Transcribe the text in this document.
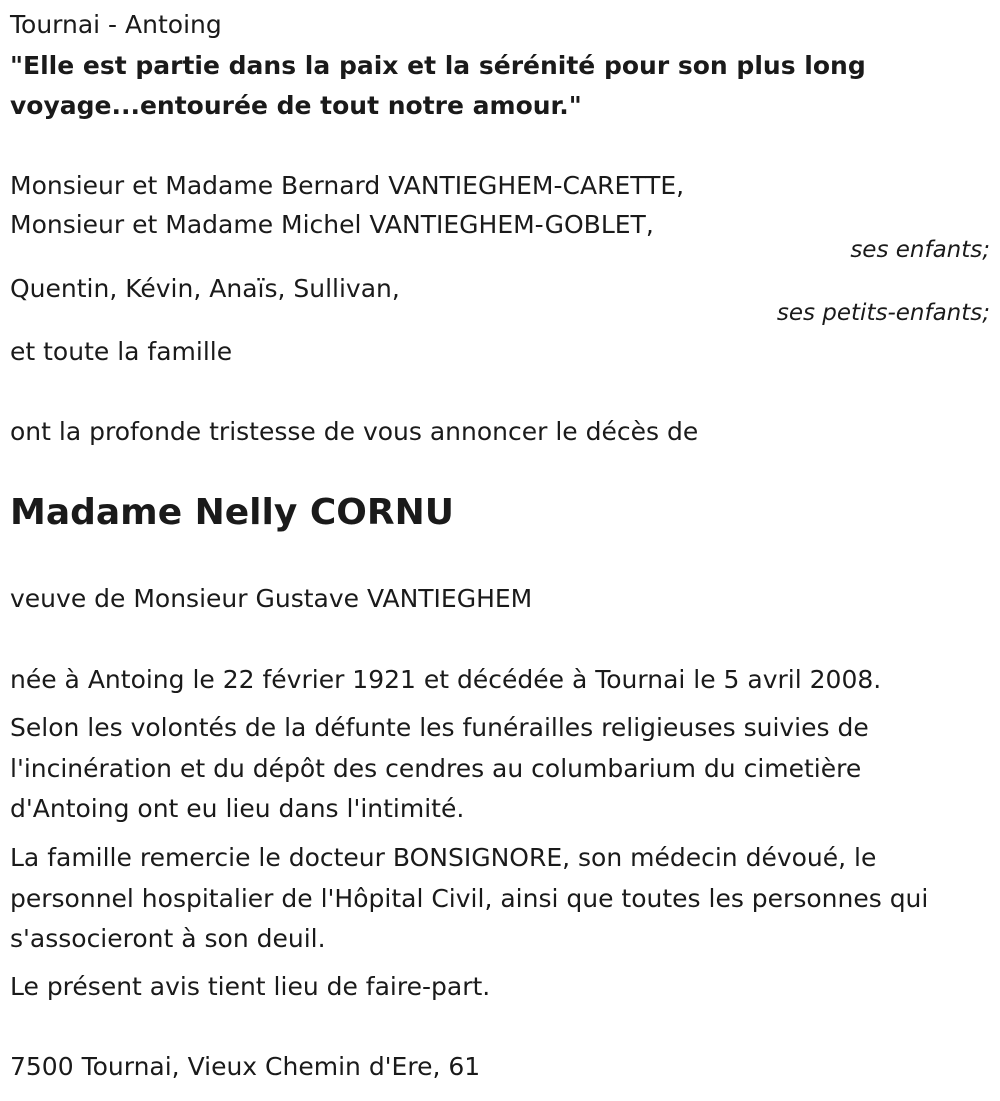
Tournai - Antoing
"Elle est partie dans la paix et la sérénité pour son plus long
voyage...entourée de tout notre amour."
Monsieur et Madame Bernard VANTIEGHEM-CARETTE,
Monsieur et Madame Michel VANTIEGHEM-GOBLET,
ses enfants;
Quentin, Kévin, Anaïs, Sullivan,
ses petits-enfants;
et toute la famille
ont la profonde tristesse de vous annoncer le décès de
Madame Nelly CORNU
veuve de Monsieur Gustave VANTIEGHEM
née à Antoing le 22 février 1921 et décédée à Tournai le 5 avril 2008.
Selon les volontés de la défunte les funérailles religieuses suivies de
l'incinération et du dépôt des cendres au columbarium du cimetière
d'Antoing ont eu lieu dans l'intimité.
La famille remercie le docteur BONSIGNORE, son médecin dévoué, le
personnel hospitalier de l'Hôpital Civil, ainsi que toutes les personnes qui
s'associeront à son deuil.
Le présent avis tient lieu de faire-part.
7500 Tournai, Vieux Chemin d'Ere, 61
